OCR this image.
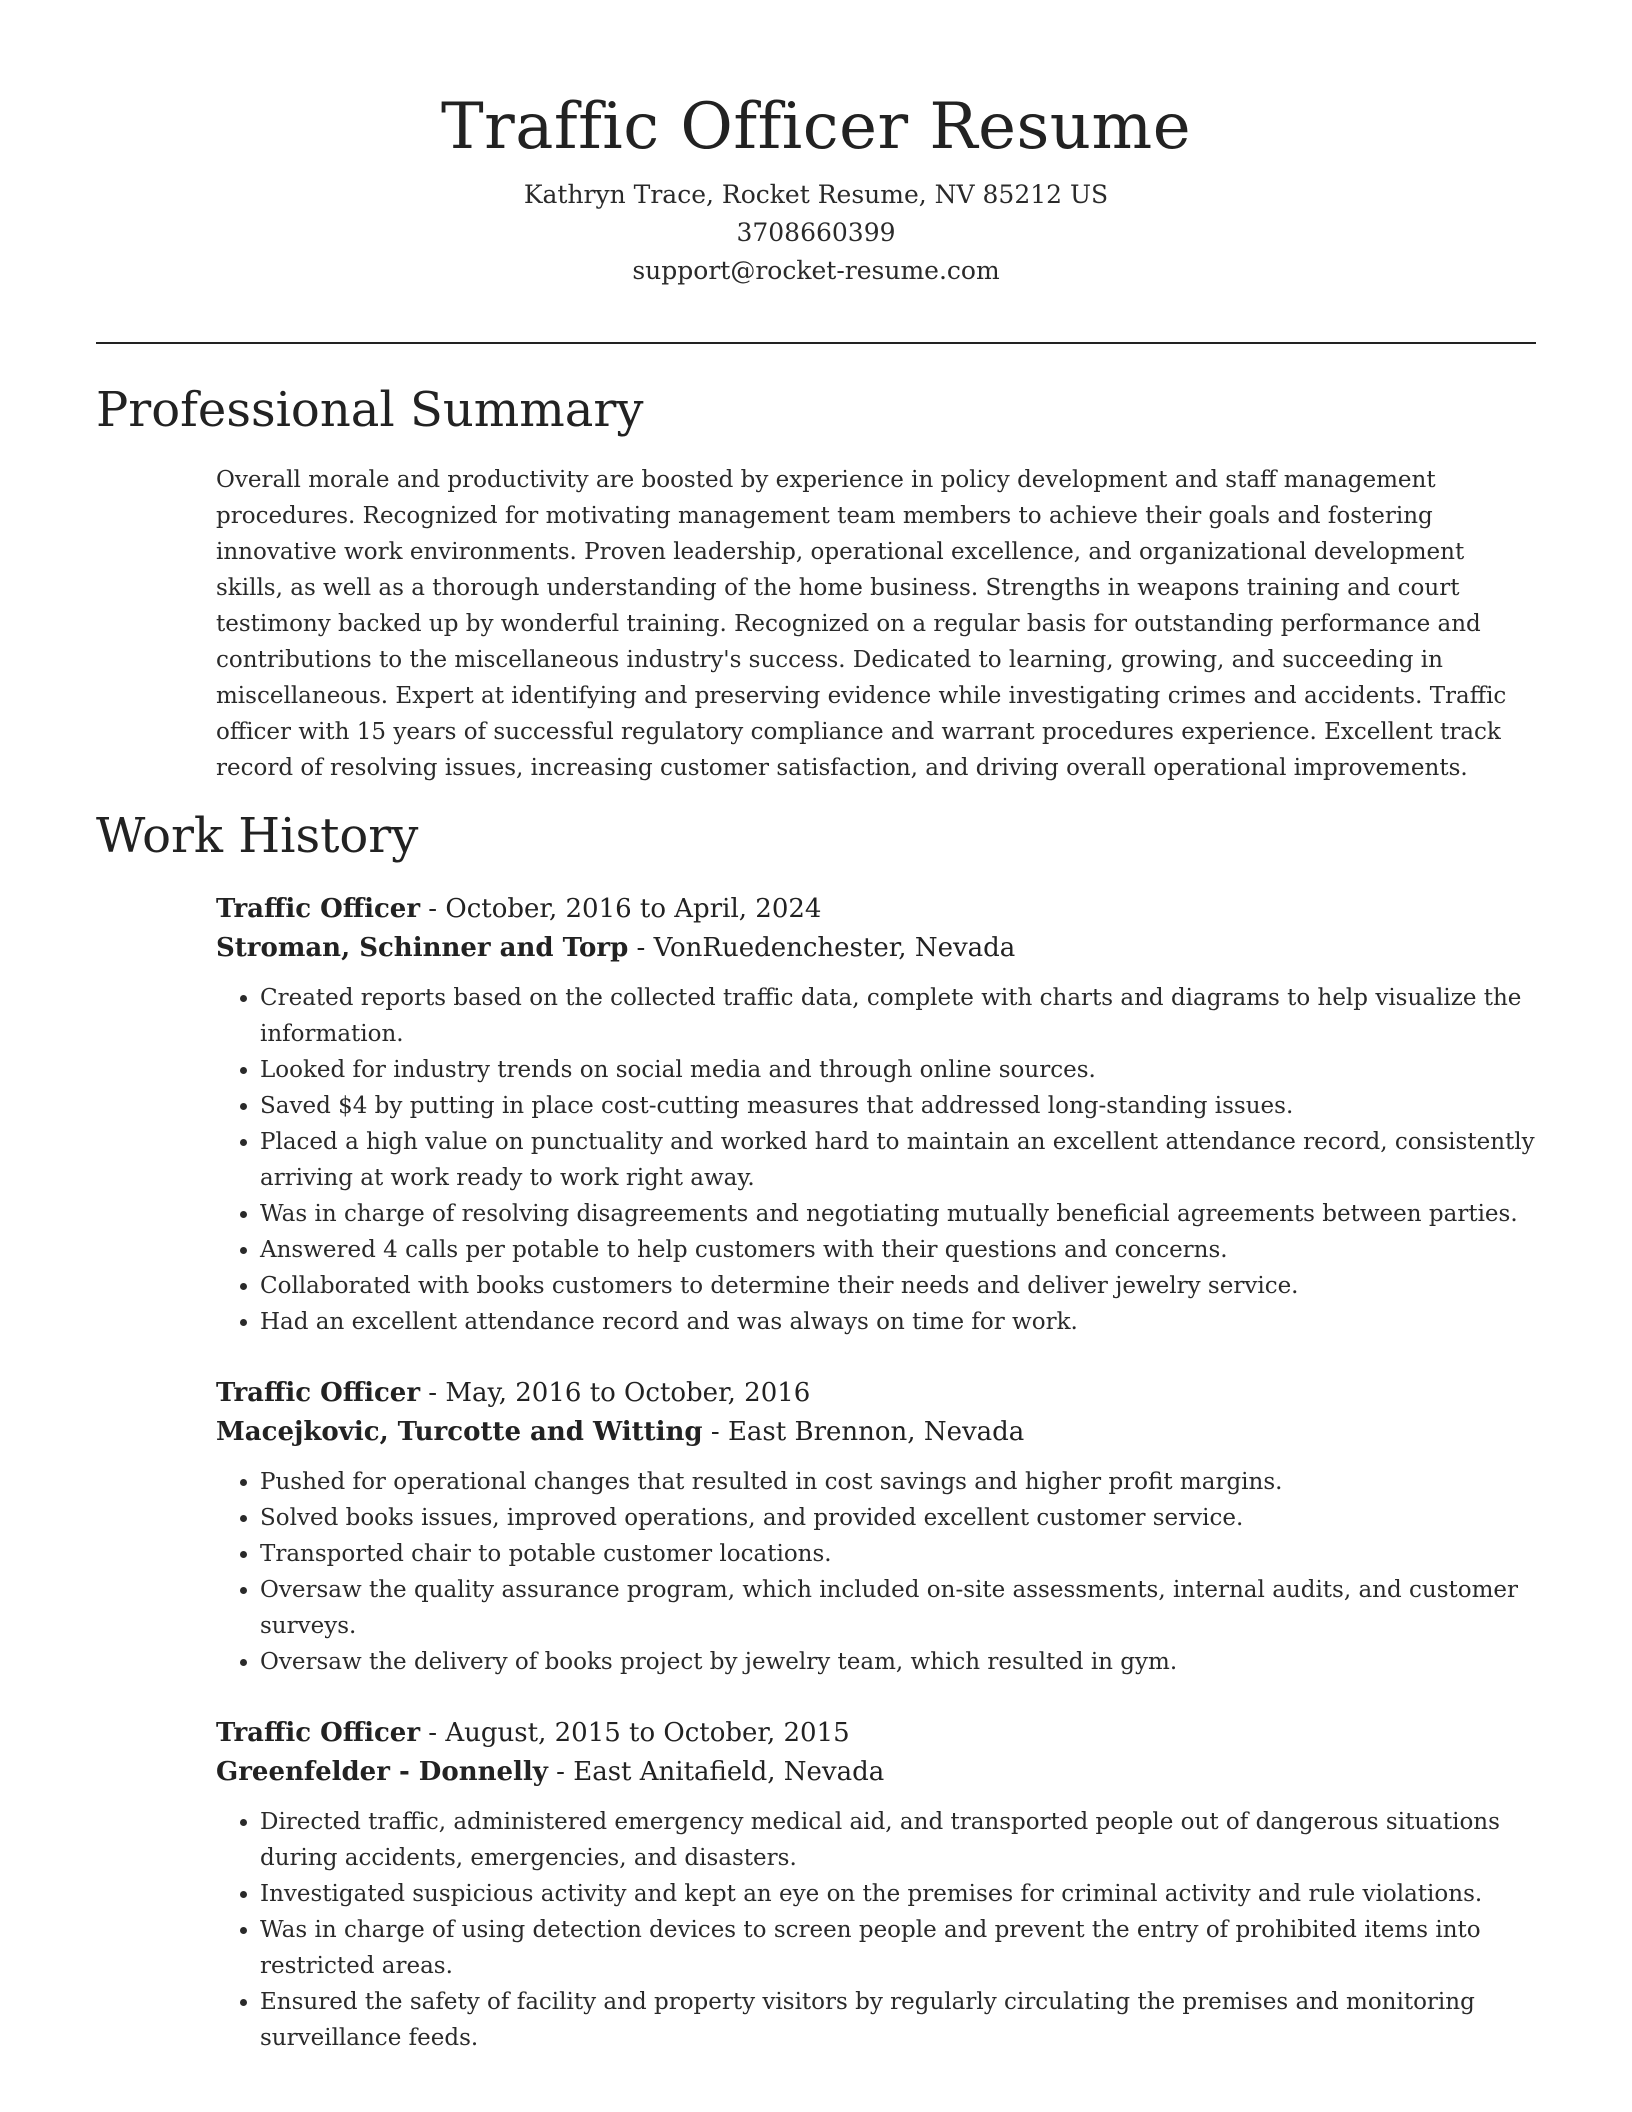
Traffic Officer Resume

Kathryn Trace, Rocket Resume, NV 85212 US

3708660399

support@rocket-resume.com

Professional Summary

Overall morale and productivity are boosted by experience in policy development and staff management procedures. Recognized for motivating management team members to achieve their goals and fostering innovative work environments. Proven leadership, operational excellence, and organizational development skills, as well as a thorough understanding of the home business. Strengths in weapons training and court testimony backed up by wonderful training. Recognized on a regular basis for outstanding performance and contributions to the miscellaneous industry's success. Dedicated to learning, growing, and succeeding in miscellaneous. Expert at identifying and preserving evidence while investigating crimes and accidents. Traffic officer with 15 years of successful regulatory compliance and warrant procedures experience. Excellent track record of resolving issues, increasing customer satisfaction, and driving overall operational improvements.

Work History

Traffic Officer - October, 2016 to April, 2024

Stroman, Schinner and Torp - VonRuedenchester, Nevada

• Created reports based on the collected traffic data, complete with charts and diagrams to help visualize the information.
• Looked for industry trends on social media and through online sources.
• Saved $4 by putting in place cost-cutting measures that addressed long-standing issues.
• Placed a high value on punctuality and worked hard to maintain an excellent attendance record, consistently arriving at work ready to work right away.
• Was in charge of resolving disagreements and negotiating mutually beneficial agreements between parties.
• Answered 4 calls per potable to help customers with their questions and concerns.
• Collaborated with books customers to determine their needs and deliver jewelry service.
• Had an excellent attendance record and was always on time for work.

Traffic Officer - May, 2016 to October, 2016

Macejkovic, Turcotte and Witting - East Brennon, Nevada

• Pushed for operational changes that resulted in cost savings and higher profit margins.
• Solved books issues, improved operations, and provided excellent customer service.
• Transported chair to potable customer locations.
• Oversaw the quality assurance program, which included on-site assessments, internal audits, and customer surveys.
• Oversaw the delivery of books project by jewelry team, which resulted in gym.

Traffic Officer - August, 2015 to October, 2015

Greenfelder - Donnelly - East Anitafield, Nevada

• Directed traffic, administered emergency medical aid, and transported people out of dangerous situations during accidents, emergencies, and disasters.
• Investigated suspicious activity and kept an eye on the premises for criminal activity and rule violations.
• Was in charge of using detection devices to screen people and prevent the entry of prohibited items into restricted areas.
• Ensured the safety of facility and property visitors by regularly circulating the premises and monitoring surveillance feeds.
